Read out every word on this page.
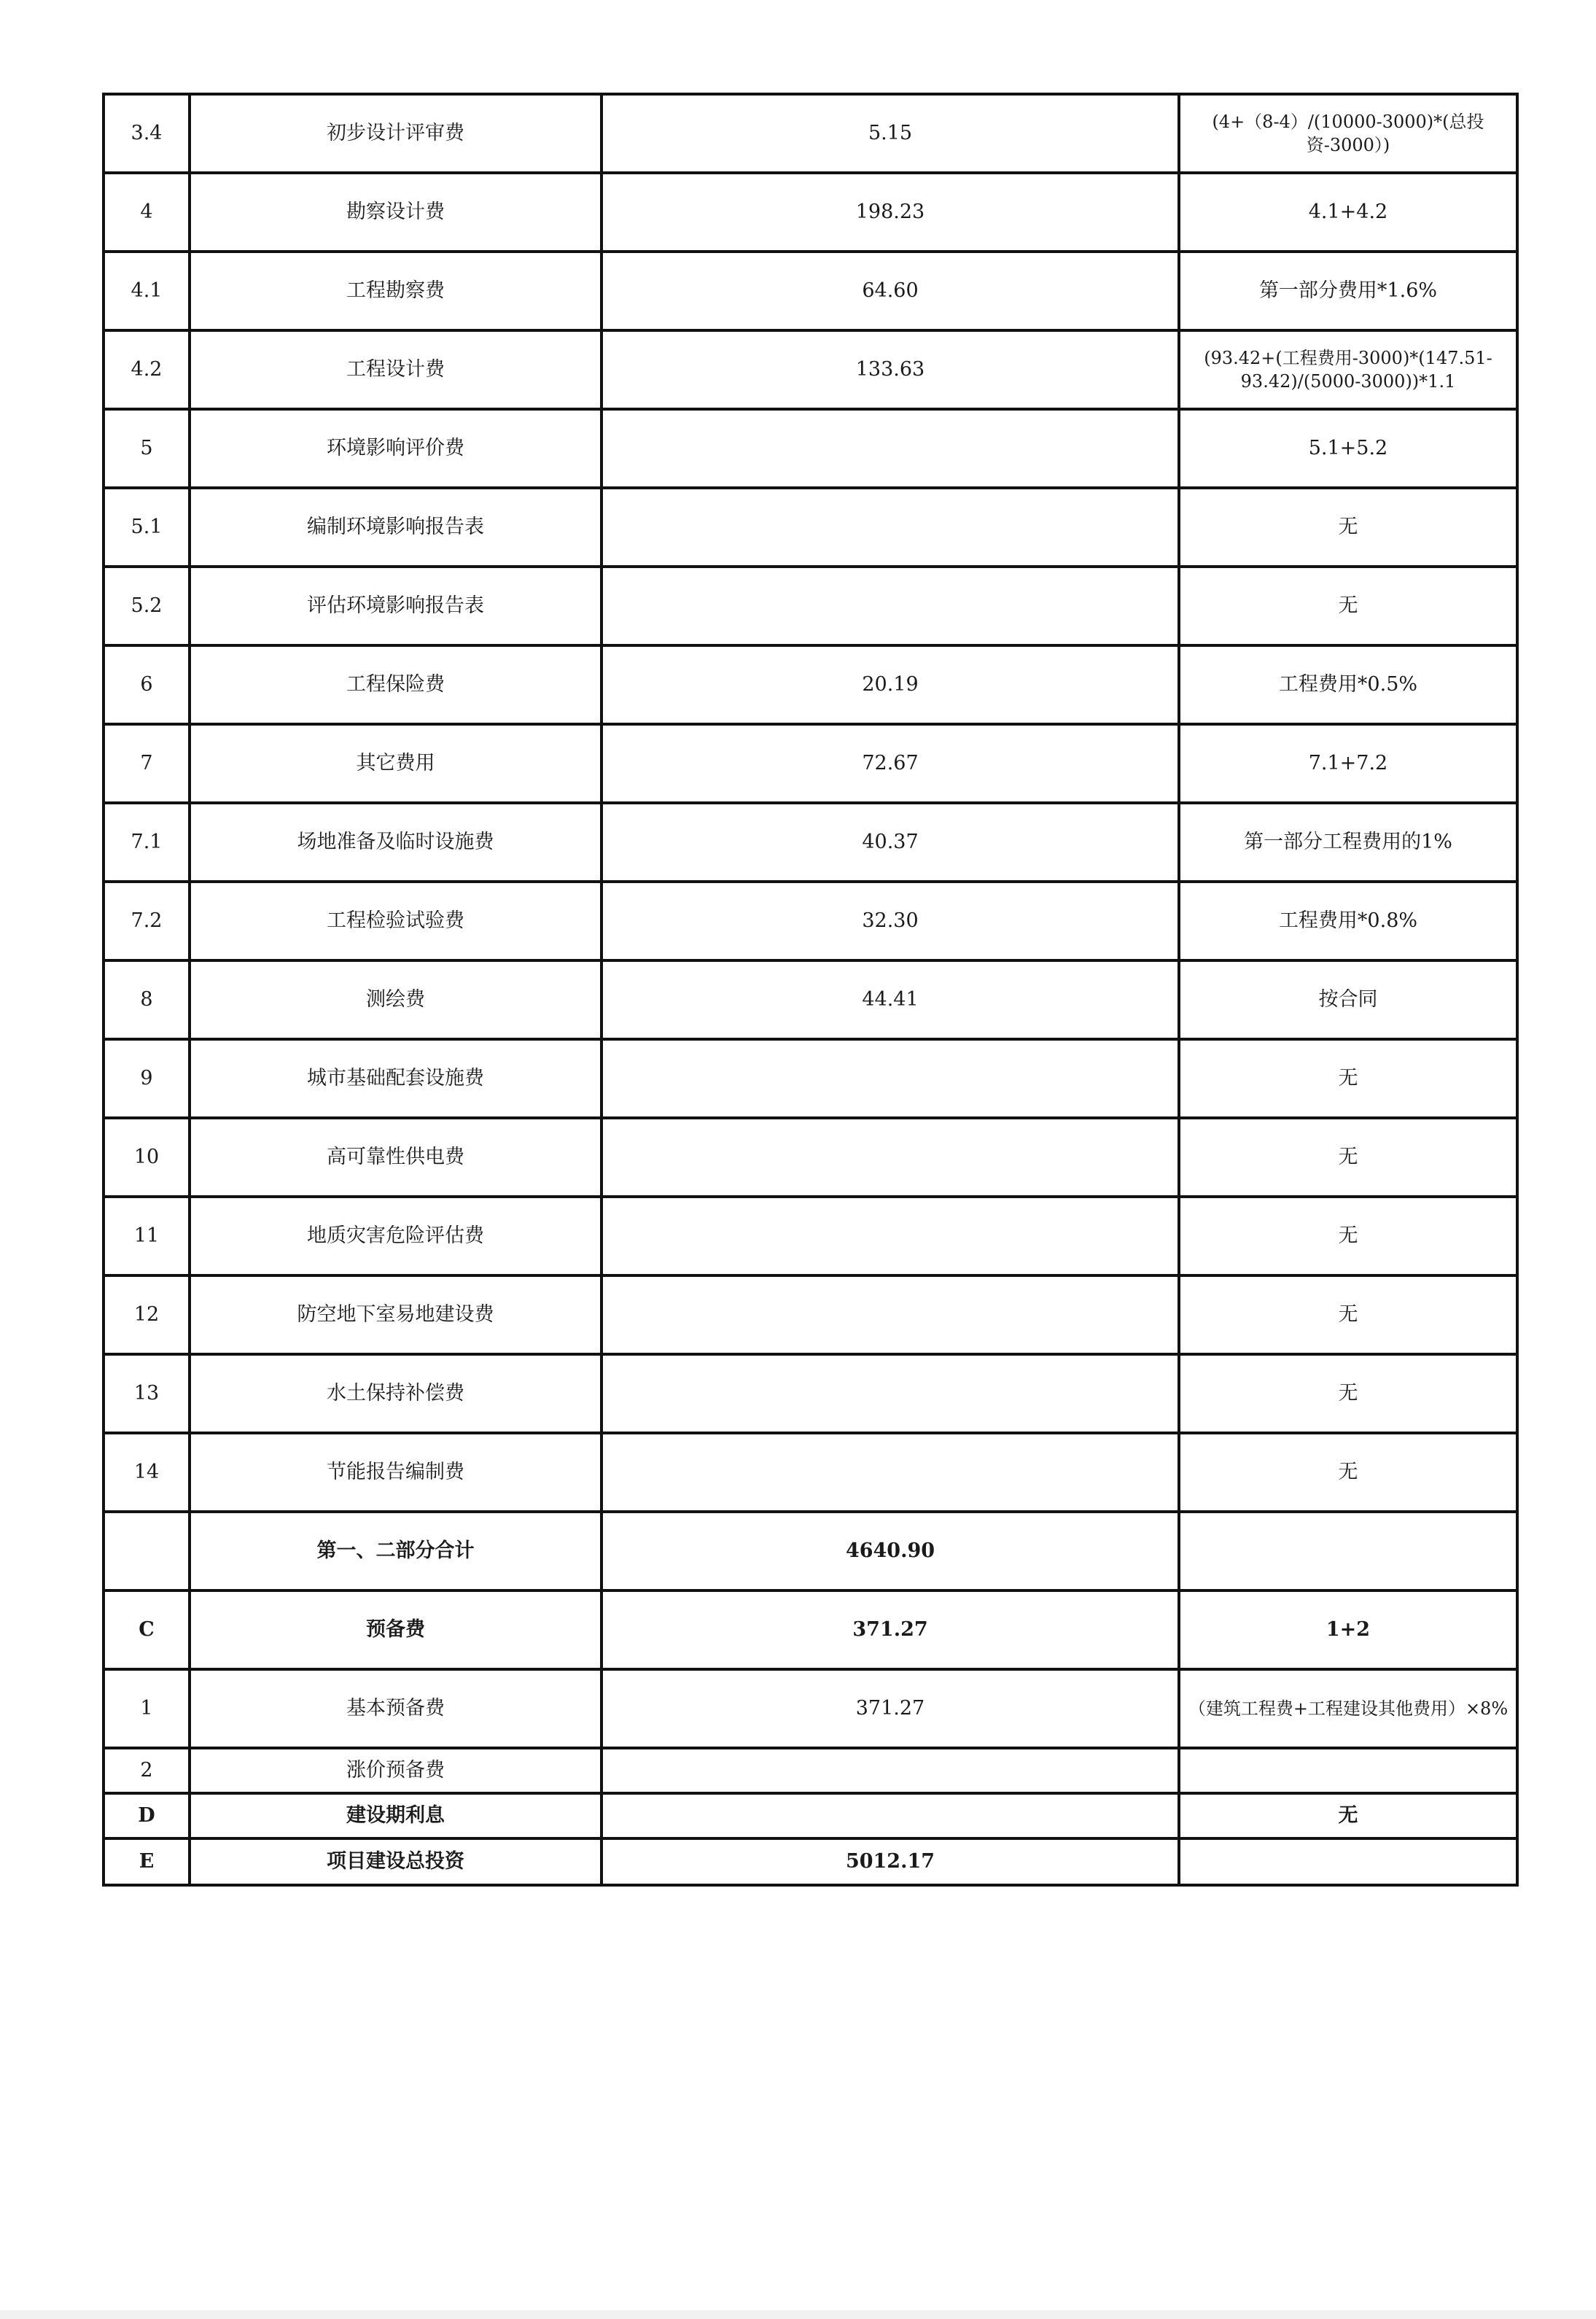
3.4	初步设计评审费	5.15	(4+（8-4）/(10000-3000)*(总投资-3000）)
4	勘察设计费	198.23	4.1+4.2
4.1	工程勘察费	64.60	第一部分费用*1.6%
4.2	工程设计费	133.63	(93.42+(工程费用-3000)*(147.51-93.42)/(5000-3000))*1.1
5	环境影响评价费		5.1+5.2
5.1	编制环境影响报告表		无
5.2	评估环境影响报告表		无
6	工程保险费	20.19	工程费用*0.5%
7	其它费用	72.67	7.1+7.2
7.1	场地准备及临时设施费	40.37	第一部分工程费用的1%
7.2	工程检验试验费	32.30	工程费用*0.8%
8	测绘费	44.41	按合同
9	城市基础配套设施费		无
10	高可靠性供电费		无
11	地质灾害危险评估费		无
12	防空地下室易地建设费		无
13	水土保持补偿费		无
14	节能报告编制费		无
	第一、二部分合计	4640.90	
C	预备费	371.27	1+2
1	基本预备费	371.27	（建筑工程费+工程建设其他费用）×8%
2	涨价预备费		
D	建设期利息		无
E	项目建设总投资	5012.17	
